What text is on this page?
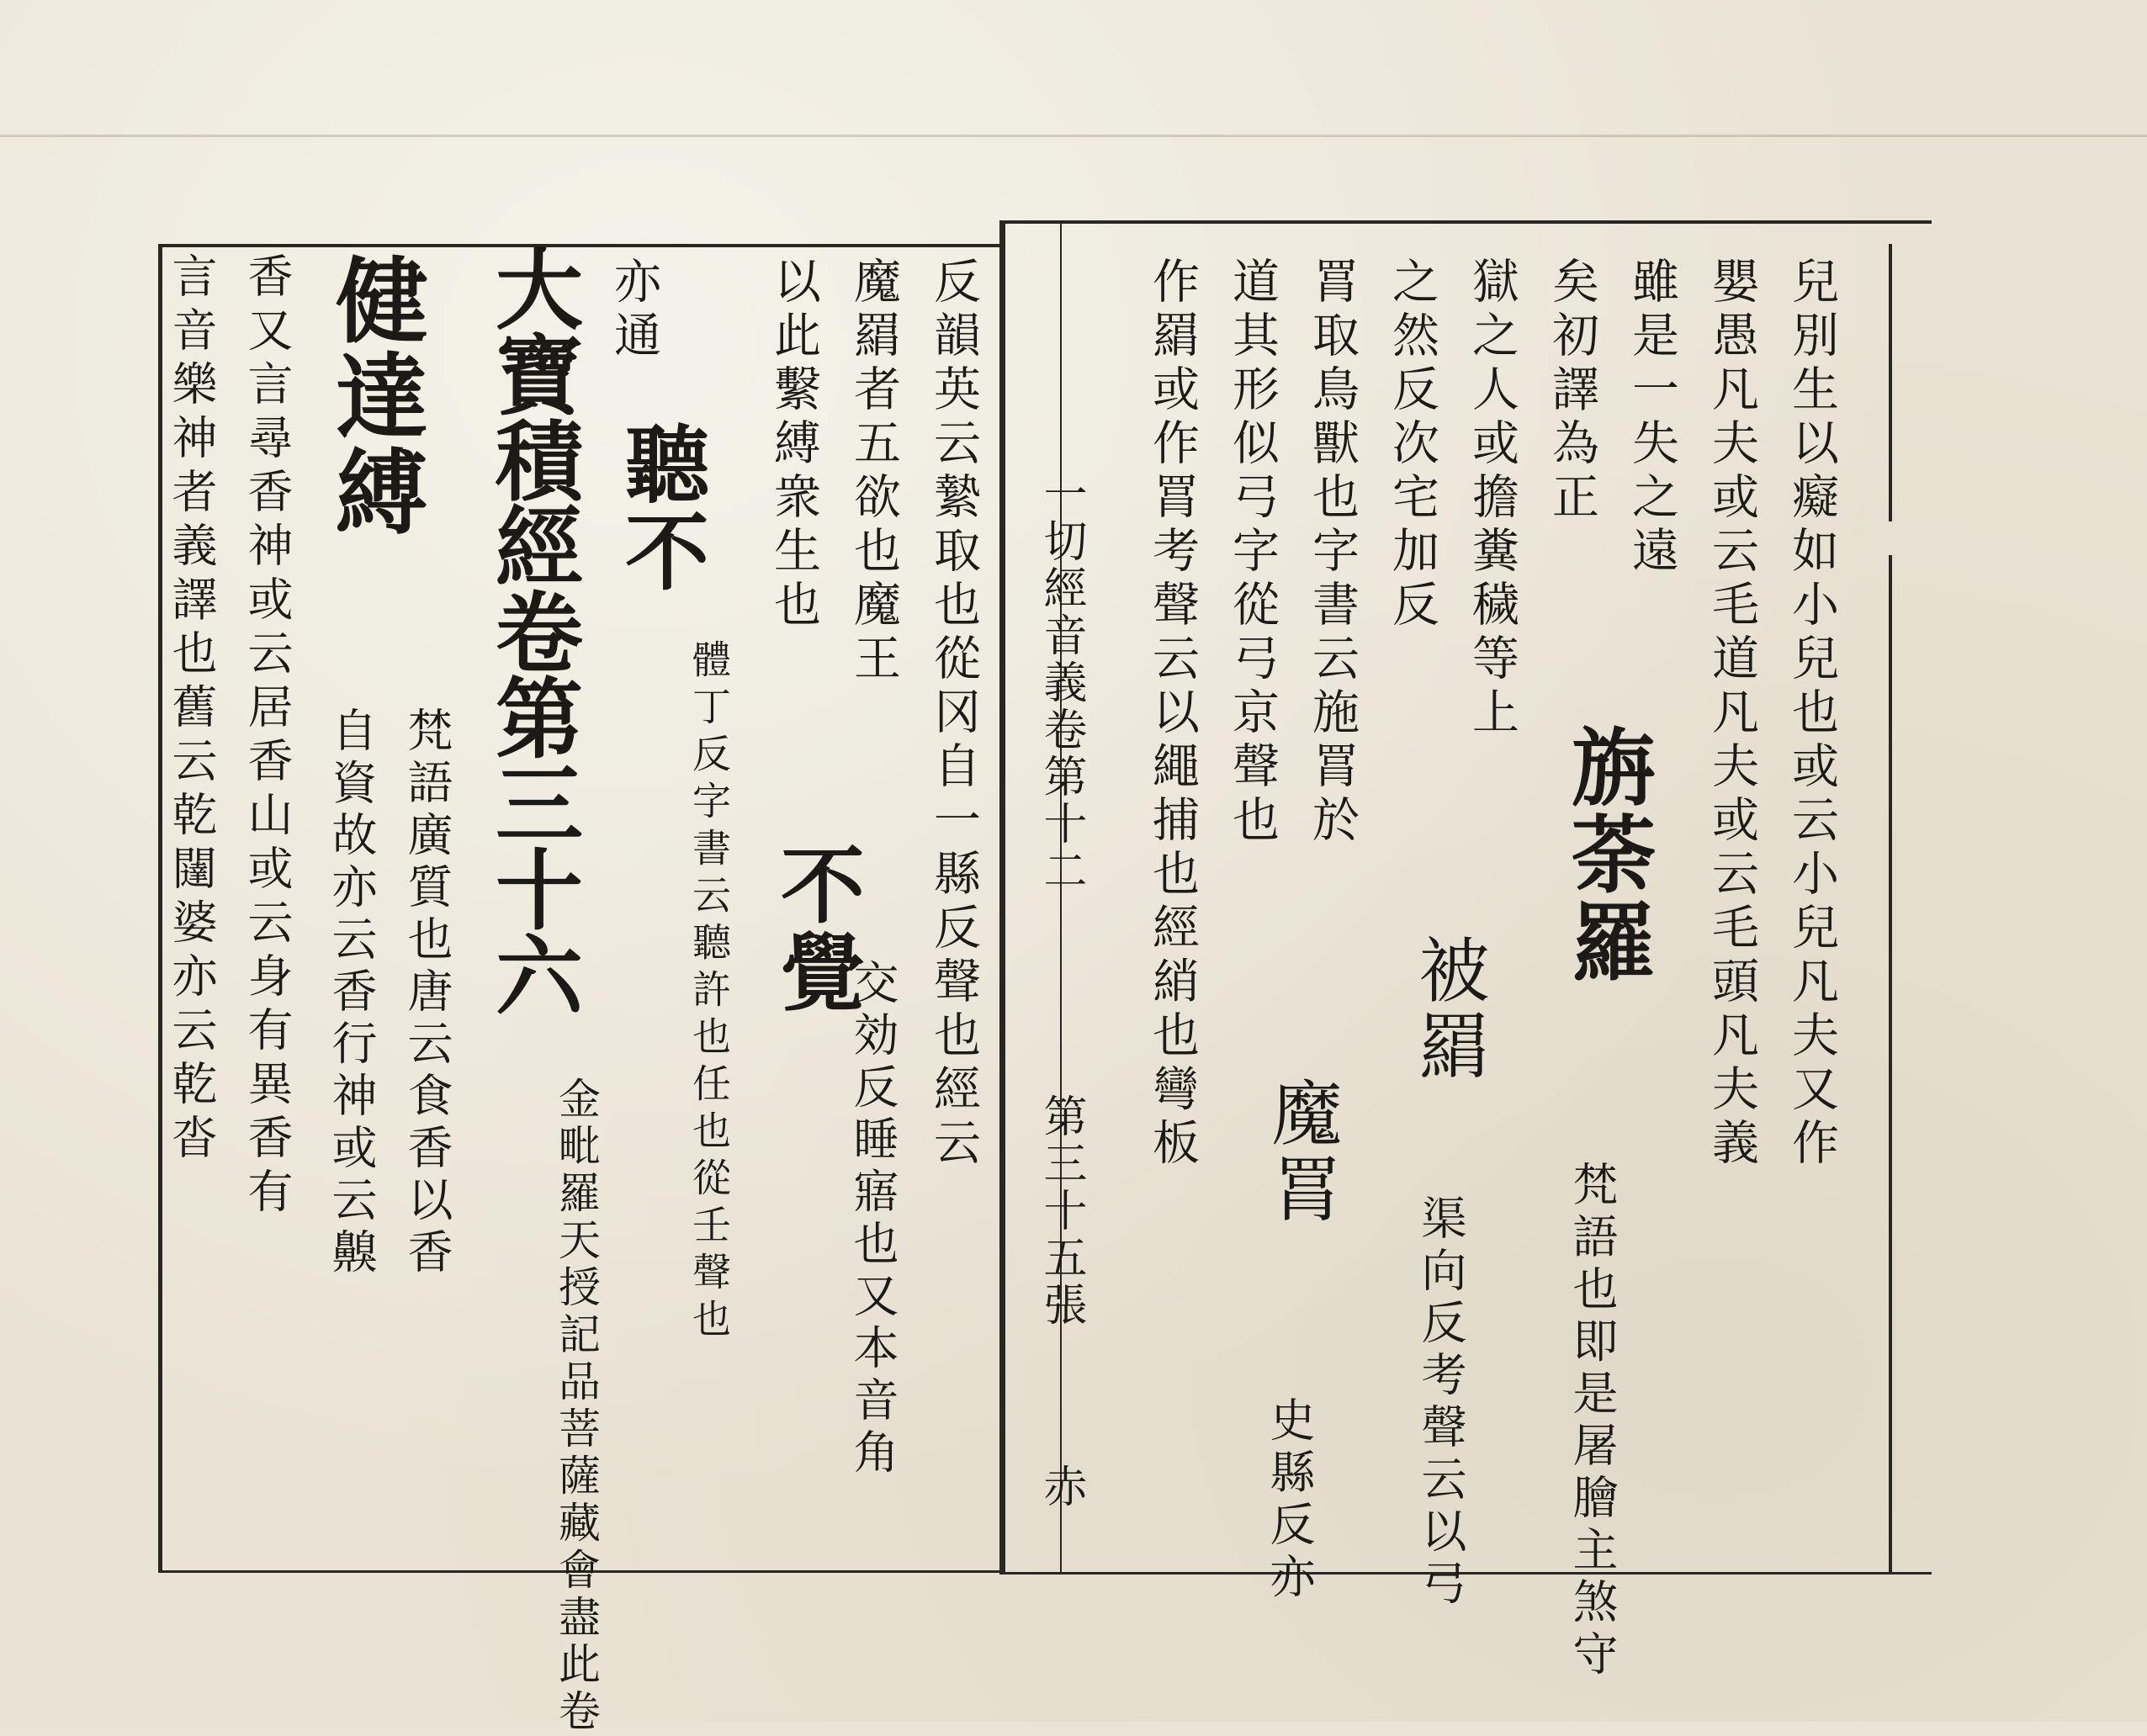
兒別生以癡如小兒也或云小兒凡夫又作
嬰愚凡夫或云毛道凡夫或云毛頭凡夫義
雖是一失之遠
矣初譯為正
獄之人或擔糞穢等上
之然反次宅加反
罥取鳥獸也字書云施罥於
道其形似弓字從弓京聲也
作羂或作罥考聲云以繩捕也經綃也彎板	旃荼羅
被羂
魔罥
梵語也即是屠膾主煞守
渠向反考聲云以弓
史縣反亦
一切經音義卷第十二
第三十五張
赤
反韻英云縶取也從冈自一縣反聲也經云
魔羂者五欲也魔王
以此繫縛衆生也
亦通
不覺
聽不
交効反睡寤也又本音角
體丁反字書云聽許也任也從壬聲也
大寶積經卷第三十六
金毗羅天授記品菩薩藏會盡此卷
健達縛
梵語廣質也唐云食香以香
自資故亦云香行神或云齅
香又言尋香神或云居香山或云身有異香有
言音樂神者義譯也舊云乾闥婆亦云乾沓
